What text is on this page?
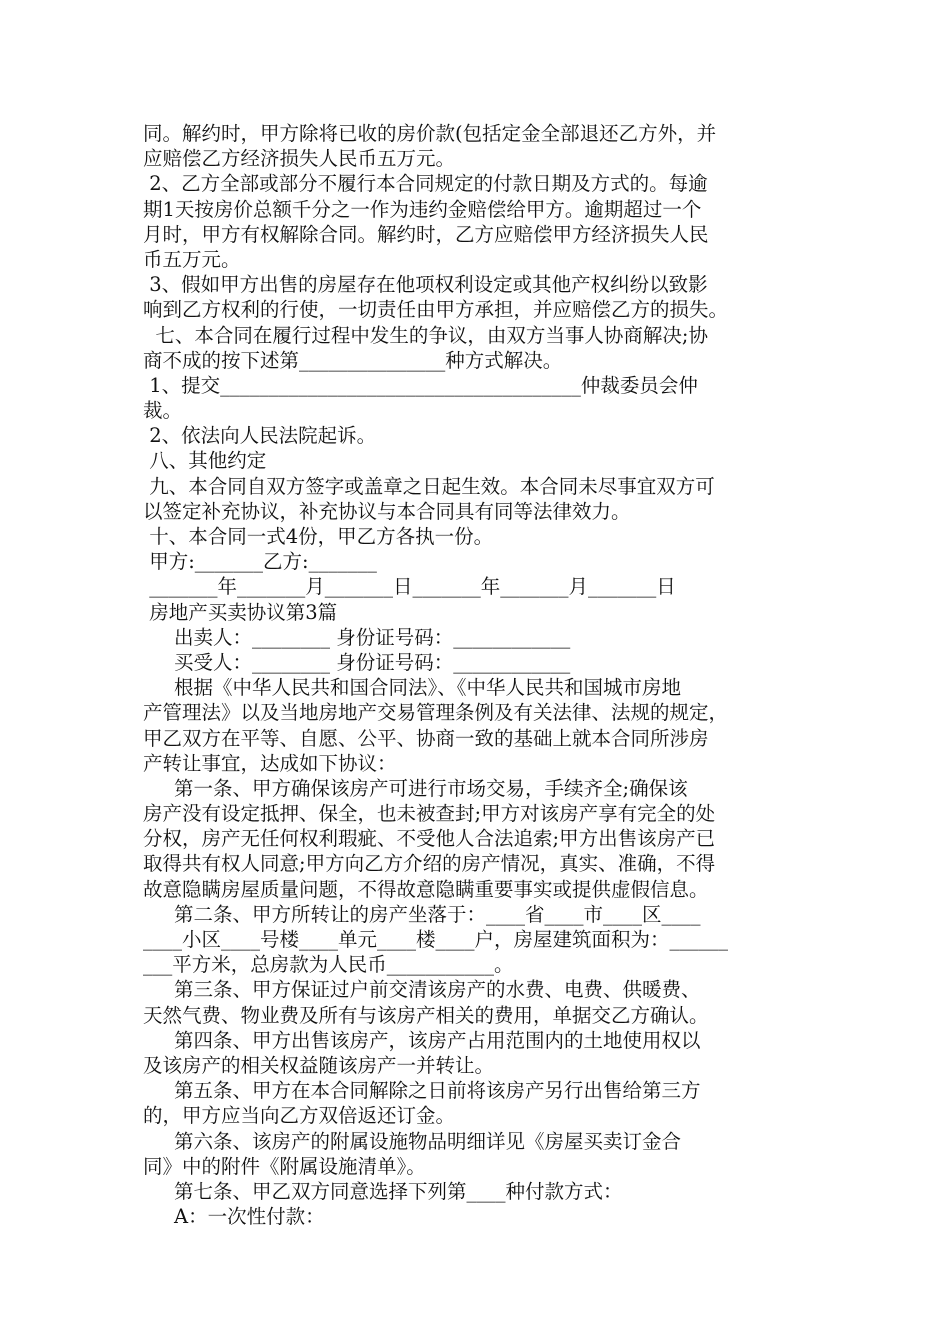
同。解约时，甲方除将已收的房价款(包括定金全部退还乙方外，并
应赔偿乙方经济损失人民币五万元。
2、乙方全部或部分不履行本合同规定的付款日期及方式的。每逾
期1天按房价总额千分之一作为违约金赔偿给甲方。逾期超过一个
月时，甲方有权解除合同。解约时，乙方应赔偿甲方经济损失人民
币五万元。
3、假如甲方出售的房屋存在他项权利设定或其他产权纠纷以致影
响到乙方权利的行使，一切责任由甲方承担，并应赔偿乙方的损失。
七、本合同在履行过程中发生的争议，由双方当事人协商解决;协
商不成的按下述第_______________种方式解决。
1、提交_____________________________________仲裁委员会仲
裁。
2、依法向人民法院起诉。
八、其他约定
九、本合同自双方签字或盖章之日起生效。本合同未尽事宜双方可
以签定补充协议，补充协议与本合同具有同等法律效力。
十、本合同一式4份，甲乙方各执一份。
甲方:_______乙方:_______
_______年_______月_______日_______年_______月_______日
房地产买卖协议第3篇
出卖人：________ 身份证号码：____________
买受人：________ 身份证号码：____________
根据《中华人民共和国合同法》、《中华人民共和国城市房地
产管理法》以及当地房地产交易管理条例及有关法律、法规的规定，
甲乙双方在平等、自愿、公平、协商一致的基础上就本合同所涉房
产转让事宜，达成如下协议：
第一条、甲方确保该房产可进行市场交易，手续齐全;确保该
房产没有设定抵押、保全，也未被查封;甲方对该房产享有完全的处
分权，房产无任何权利瑕疵、不受他人合法追索;甲方出售该房产已
取得共有权人同意;甲方向乙方介绍的房产情况，真实、准确，不得
故意隐瞒房屋质量问题，不得故意隐瞒重要事实或提供虚假信息。
第二条、甲方所转让的房产坐落于：____省____市____区____
____小区____号楼____单元____楼____户，房屋建筑面积为：______
___平方米，总房款为人民币___________。
第三条、甲方保证过户前交清该房产的水费、电费、供暖费、
天然气费、物业费及所有与该房产相关的费用，单据交乙方确认。
第四条、甲方出售该房产，该房产占用范围内的土地使用权以
及该房产的相关权益随该房产一并转让。
第五条、甲方在本合同解除之日前将该房产另行出售给第三方
的，甲方应当向乙方双倍返还订金。
第六条、该房产的附属设施物品明细详见《房屋买卖订金合
同》中的附件《附属设施清单》。
第七条、甲乙双方同意选择下列第____种付款方式：
A：一次性付款：
